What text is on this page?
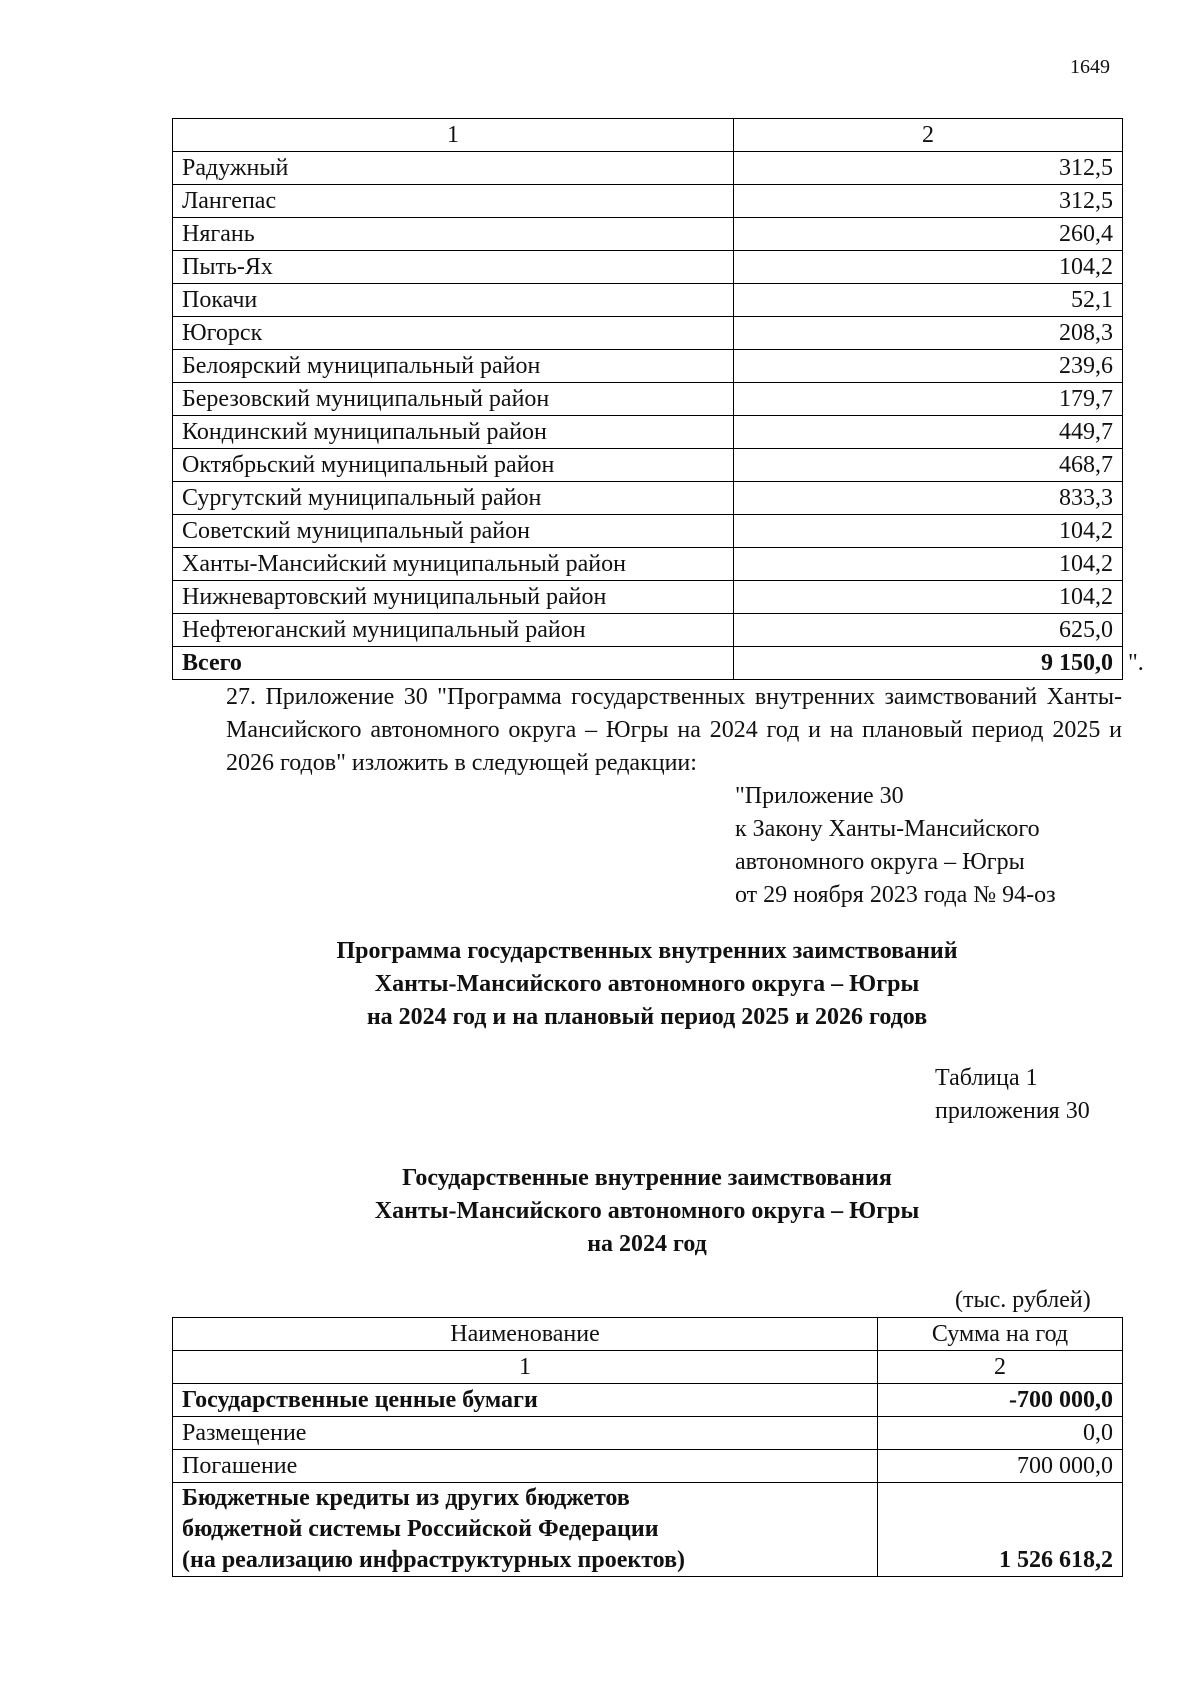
1649
1	2
Радужный	312,5
Лангепас	312,5
Нягань	260,4
Пыть-Ях	104,2
Покачи	52,1
Югорск	208,3
Белоярский муниципальный район	239,6
Березовский муниципальный район	179,7
Кондинский муниципальный район	449,7
Октябрьский муниципальный район	468,7
Сургутский муниципальный район	833,3
Советский муниципальный район	104,2
Ханты-Мансийский муниципальный район	104,2
Нижневартовский муниципальный район	104,2
Нефтеюганский муниципальный район	625,0
Всего	9 150,0 ".
27. Приложение 30 "Программа государственных внутренних заимствований Ханты-Мансийского автономного округа – Югры на 2024 год и на плановый период 2025 и 2026 годов" изложить в следующей редакции:
"Приложение 30
к Закону Ханты-Мансийского
автономного округа – Югры
от 29 ноября 2023 года № 94-оз
Программа государственных внутренних заимствований
Ханты-Мансийского автономного округа – Югры
на 2024 год и на плановый период 2025 и 2026 годов
Таблица 1
приложения 30
Государственные внутренние заимствования
Ханты-Мансийского автономного округа – Югры
на 2024 год
(тыс. рублей)
Наименование	Сумма на год
1	2
Государственные ценные бумаги	-700 000,0
Размещение	0,0
Погашение	700 000,0

Бюджетные кредиты из других бюджетов
бюджетной системы Российской Федерации
(на реализацию инфраструктурных проектов)	1 526 618,2
